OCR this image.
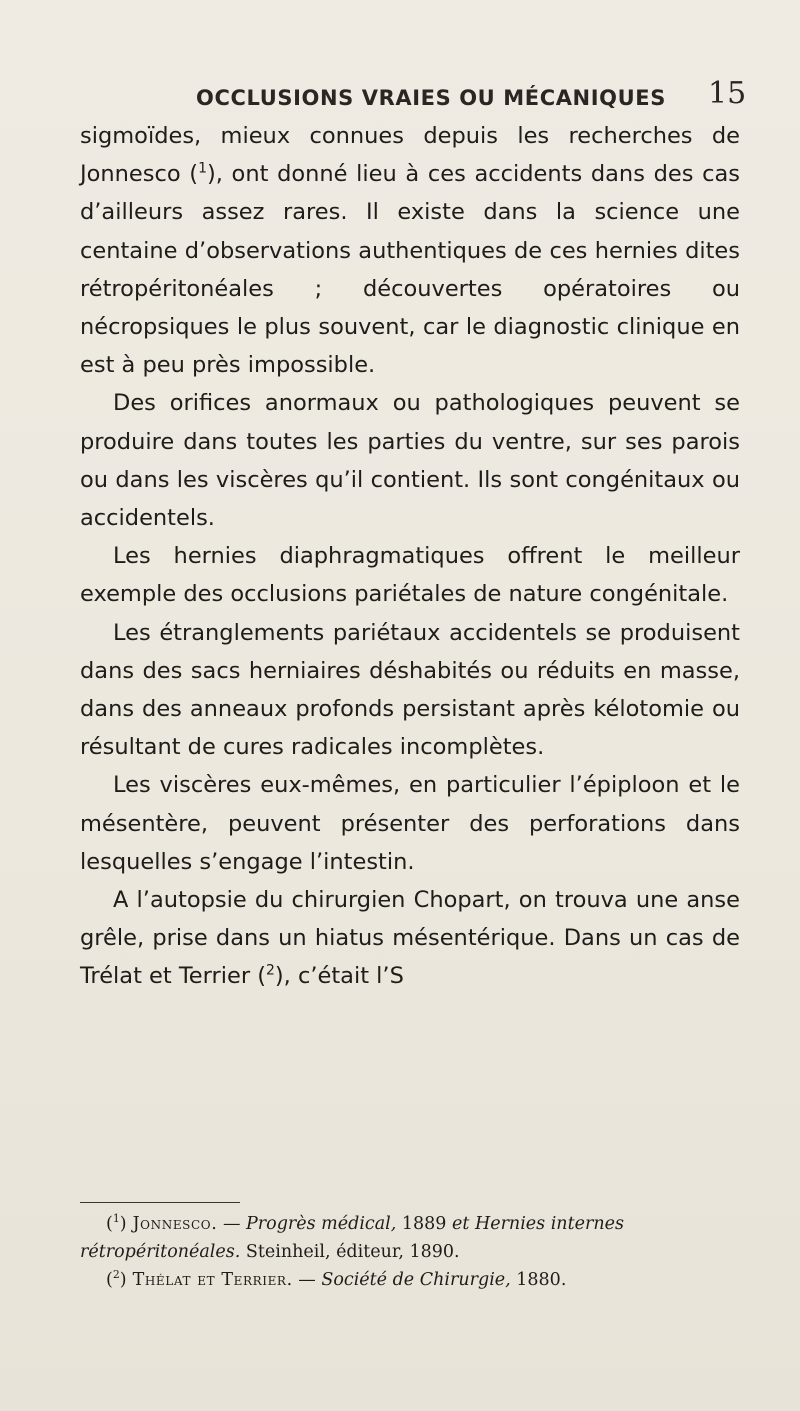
OCCLUSIONS VRAIES OU MÉCANIQUES 15

sigmoïdes, mieux connues depuis les recherches de Jonnesco ($^1$), ont donné lieu à ces accidents dans des cas d’ailleurs assez rares. Il existe dans la science une centaine d’observations authentiques de ces hernies dites rétropéritonéales ; découvertes opératoires ou nécropsiques le plus souvent, car le diagnostic clinique en est à peu près impossible.

Des orifices anormaux ou pathologiques peuvent se produire dans toutes les parties du ventre, sur ses parois ou dans les viscères qu’il contient. Ils sont congénitaux ou accidentels.

Les hernies diaphragmatiques offrent le meilleur exemple des occlusions pariétales de nature congénitale.

Les étranglements pariétaux accidentels se produisent dans des sacs herniaires déshabités ou réduits en masse, dans des anneaux profonds persistant après kélotomie ou résultant de cures radicales incomplètes.

Les viscères eux-mêmes, en particulier l’épiploon et le mésentère, peuvent présenter des perforations dans lesquelles s’engage l’intestin.

A l’autopsie du chirurgien Chopart, on trouva une anse grêle, prise dans un hiatus mésentérique. Dans un cas de Trélat et Terrier ($^2$), c’était l’S

($^1$) Jonnesco. — Progrès médical, 1889 et Hernies internes rétropéritonéales. Steinheil, éditeur, 1890.

($^2$) Thélat et Terrier. — Société de Chirurgie, 1880.
